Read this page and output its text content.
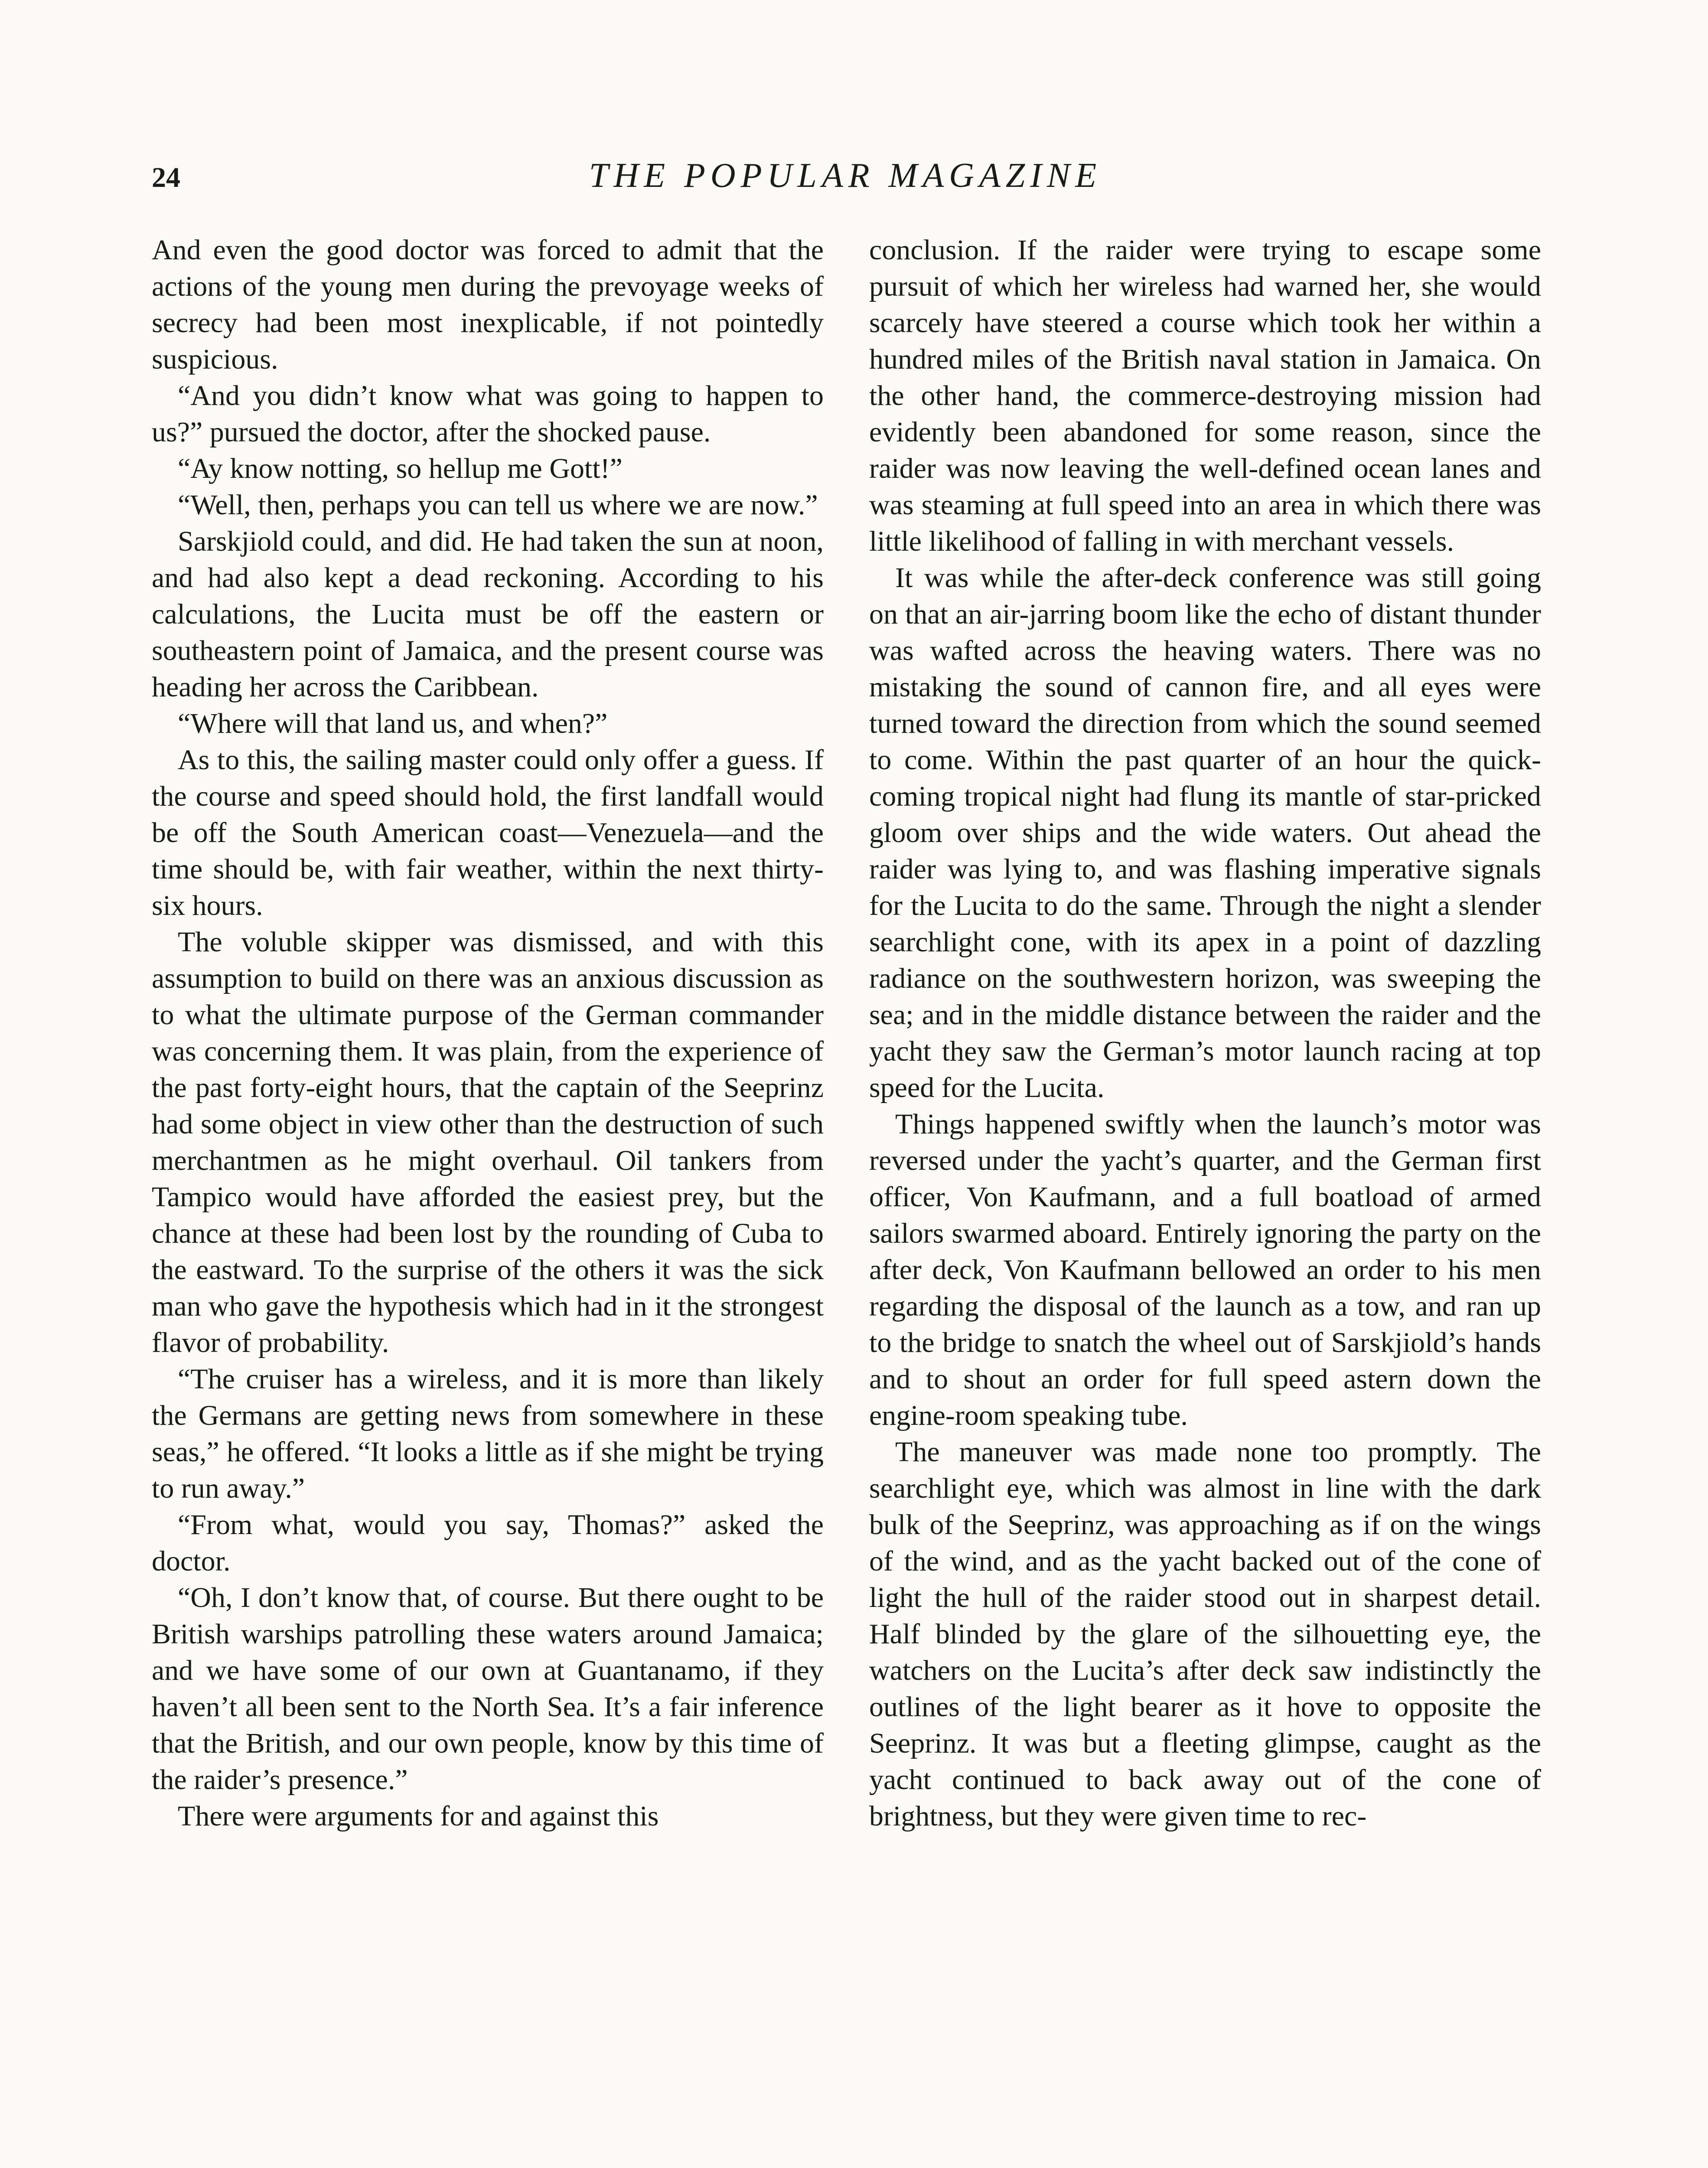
24	THE POPULAR MAGAZINE

And even the good doctor was forced to admit that the actions of the young men during the prevoyage weeks of secrecy had been most inexplicable, if not pointedly suspicious.

“And you didn’t know what was going to happen to us?” pursued the doctor, after the shocked pause.

“Ay know notting, so hellup me Gott!”

“Well, then, perhaps you can tell us where we are now.”

Sarskjiold could, and did. He had taken the sun at noon, and had also kept a dead reckoning. According to his calculations, the Lucita must be off the eastern or southeastern point of Jamaica, and the present course was heading her across the Caribbean.

“Where will that land us, and when?”

As to this, the sailing master could only offer a guess. If the course and speed should hold, the first landfall would be off the South American coast—Venezuela—and the time should be, with fair weather, within the next thirty-six hours.

The voluble skipper was dismissed, and with this assumption to build on there was an anxious discussion as to what the ultimate purpose of the German commander was concerning them. It was plain, from the experience of the past forty-eight hours, that the captain of the Seeprinz had some object in view other than the destruction of such merchantmen as he might overhaul. Oil tankers from Tampico would have afforded the easiest prey, but the chance at these had been lost by the rounding of Cuba to the eastward. To the surprise of the others it was the sick man who gave the hypothesis which had in it the strongest flavor of probability.

“The cruiser has a wireless, and it is more than likely the Germans are getting news from somewhere in these seas,” he offered. “It looks a little as if she might be trying to run away.”

“From what, would you say, Thomas?” asked the doctor.

“Oh, I don’t know that, of course. But there ought to be British warships patrolling these waters around Jamaica; and we have some of our own at Guantanamo, if they haven’t all been sent to the North Sea. It’s a fair inference that the British, and our own people, know by this time of the raider’s presence.”

There were arguments for and against this

conclusion. If the raider were trying to escape some pursuit of which her wireless had warned her, she would scarcely have steered a course which took her within a hundred miles of the British naval station in Jamaica. On the other hand, the commerce-destroying mission had evidently been abandoned for some reason, since the raider was now leaving the well-defined ocean lanes and was steaming at full speed into an area in which there was little likelihood of falling in with merchant vessels.

It was while the after-deck conference was still going on that an air-jarring boom like the echo of distant thunder was wafted across the heaving waters. There was no mistaking the sound of cannon fire, and all eyes were turned toward the direction from which the sound seemed to come. Within the past quarter of an hour the quick-coming tropical night had flung its mantle of star-pricked gloom over ships and the wide waters. Out ahead the raider was lying to, and was flashing imperative signals for the Lucita to do the same. Through the night a slender searchlight cone, with its apex in a point of dazzling radiance on the southwestern horizon, was sweeping the sea; and in the middle distance between the raider and the yacht they saw the German’s motor launch racing at top speed for the Lucita.

Things happened swiftly when the launch’s motor was reversed under the yacht’s quarter, and the German first officer, Von Kaufmann, and a full boatload of armed sailors swarmed aboard. Entirely ignoring the party on the after deck, Von Kaufmann bellowed an order to his men regarding the disposal of the launch as a tow, and ran up to the bridge to snatch the wheel out of Sarskjiold’s hands and to shout an order for full speed astern down the engine-room speaking tube.

The maneuver was made none too promptly. The searchlight eye, which was almost in line with the dark bulk of the Seeprinz, was approaching as if on the wings of the wind, and as the yacht backed out of the cone of light the hull of the raider stood out in sharpest detail. Half blinded by the glare of the silhouetting eye, the watchers on the Lucita’s after deck saw indistinctly the outlines of the light bearer as it hove to opposite the Seeprinz. It was but a fleeting glimpse, caught as the yacht continued to back away out of the cone of brightness, but they were given time to rec-
